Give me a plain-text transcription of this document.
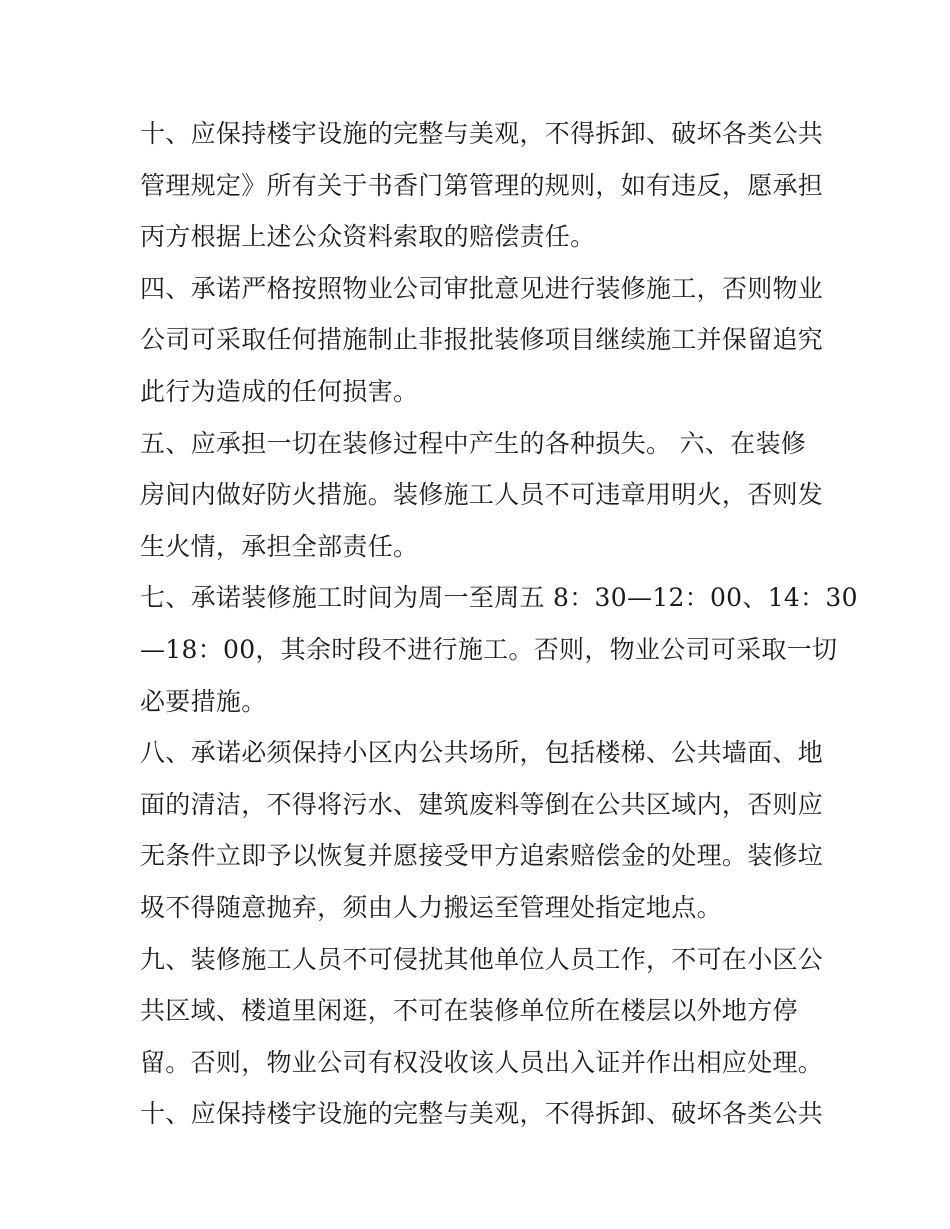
十、应保持楼宇设施的完整与美观，不得拆卸、破坏各类公共
管理规定》所有关于书香门第管理的规则，如有违反，愿承担
丙方根据上述公众资料索取的赔偿责任。
四、承诺严格按照物业公司审批意见进行装修施工，否则物业
公司可采取任何措施制止非报批装修项目继续施工并保留追究
此行为造成的任何损害。
五、应承担一切在装修过程中产生的各种损失。 六、在装修
房间内做好防火措施。装修施工人员不可违章用明火，否则发
生火情，承担全部责任。
七、承诺装修施工时间为周一至周五 8：30—12：00、14：30
—18：00，其余时段不进行施工。否则，物业公司可采取一切
必要措施。
八、承诺必须保持小区内公共场所，包括楼梯、公共墙面、地
面的清洁，不得将污水、建筑废料等倒在公共区域内，否则应
无条件立即予以恢复并愿接受甲方追索赔偿金的处理。装修垃
圾不得随意抛弃，须由人力搬运至管理处指定地点。
九、装修施工人员不可侵扰其他单位人员工作，不可在小区公
共区域、楼道里闲逛，不可在装修单位所在楼层以外地方停
留。否则，物业公司有权没收该人员出入证并作出相应处理。
十、应保持楼宇设施的完整与美观，不得拆卸、破坏各类公共
